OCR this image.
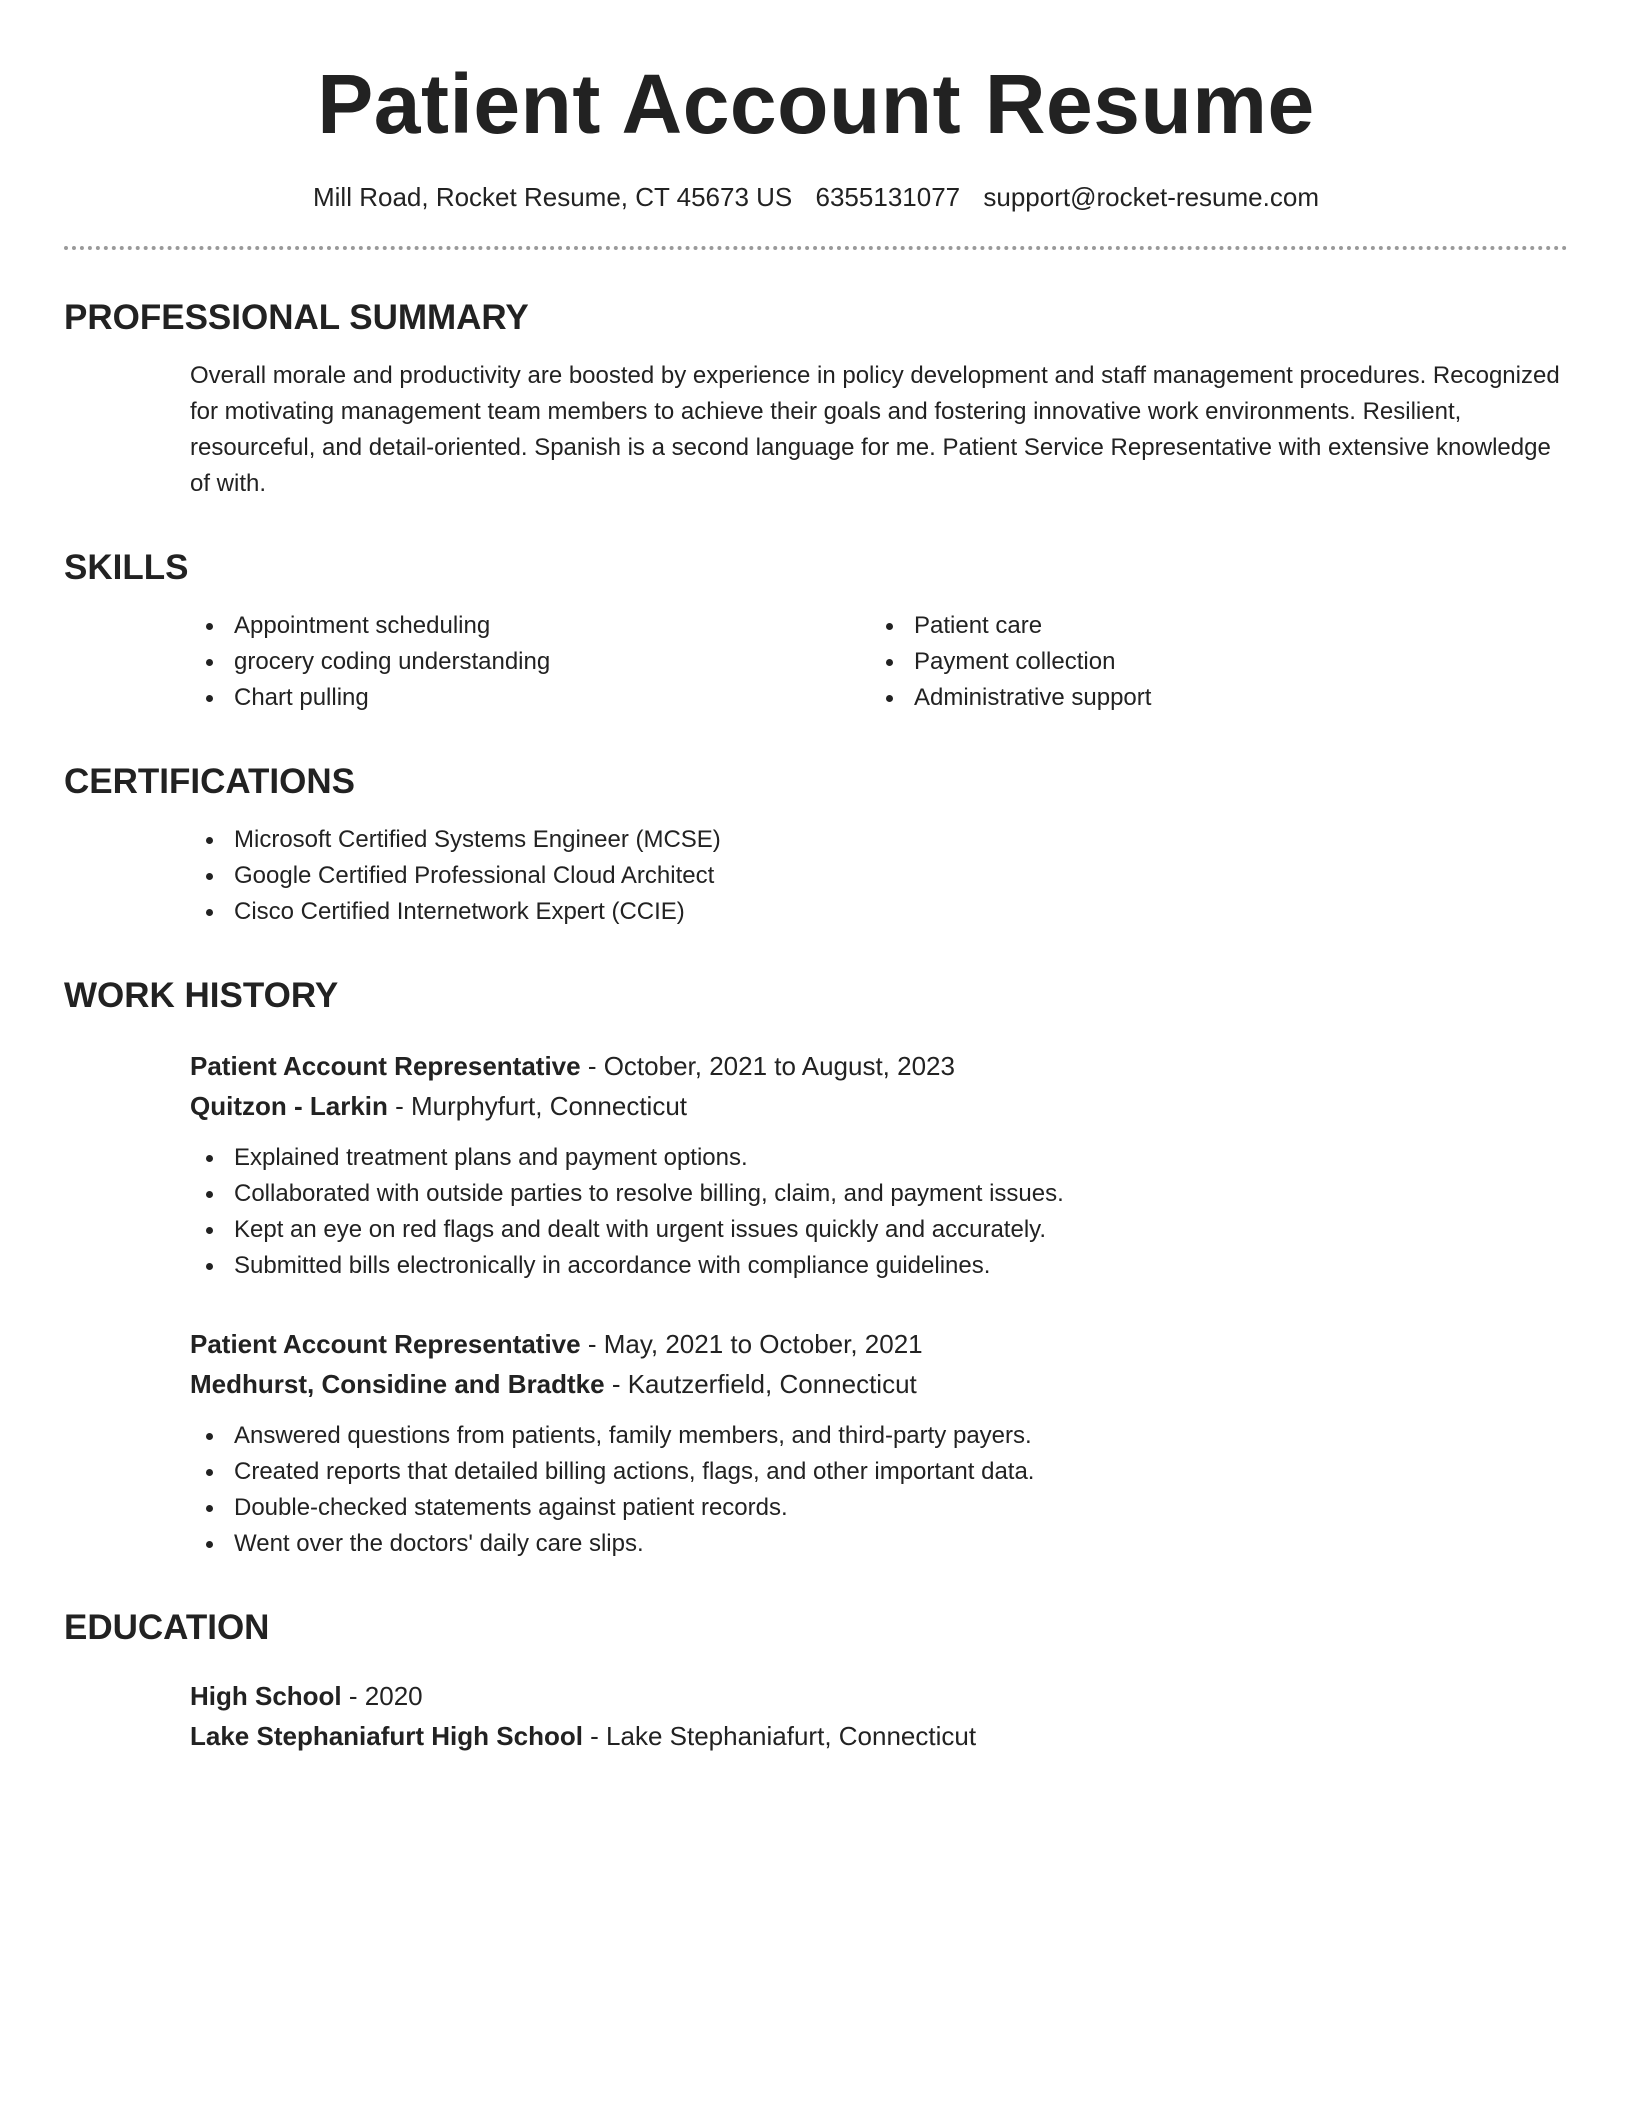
Patient Account Resume
Mill Road, Rocket Resume, CT 45673 US 6355131077 support@rocket-resume.com
PROFESSIONAL SUMMARY
Overall morale and productivity are boosted by experience in policy development and staff management procedures. Recognized for motivating management team members to achieve their goals and fostering innovative work environments. Resilient, resourceful, and detail-oriented. Spanish is a second language for me. Patient Service Representative with extensive knowledge of with.
SKILLS
Appointment scheduling
grocery coding understanding
Chart pulling
Patient care
Payment collection
Administrative support
CERTIFICATIONS
Microsoft Certified Systems Engineer (MCSE)
Google Certified Professional Cloud Architect
Cisco Certified Internetwork Expert (CCIE)
WORK HISTORY
Patient Account Representative - October, 2021 to August, 2023
Quitzon - Larkin - Murphyfurt, Connecticut
Explained treatment plans and payment options.
Collaborated with outside parties to resolve billing, claim, and payment issues.
Kept an eye on red flags and dealt with urgent issues quickly and accurately.
Submitted bills electronically in accordance with compliance guidelines.
Patient Account Representative - May, 2021 to October, 2021
Medhurst, Considine and Bradtke - Kautzerfield, Connecticut
Answered questions from patients, family members, and third-party payers.
Created reports that detailed billing actions, flags, and other important data.
Double-checked statements against patient records.
Went over the doctors' daily care slips.
EDUCATION
High School - 2020
Lake Stephaniafurt High School - Lake Stephaniafurt, Connecticut
